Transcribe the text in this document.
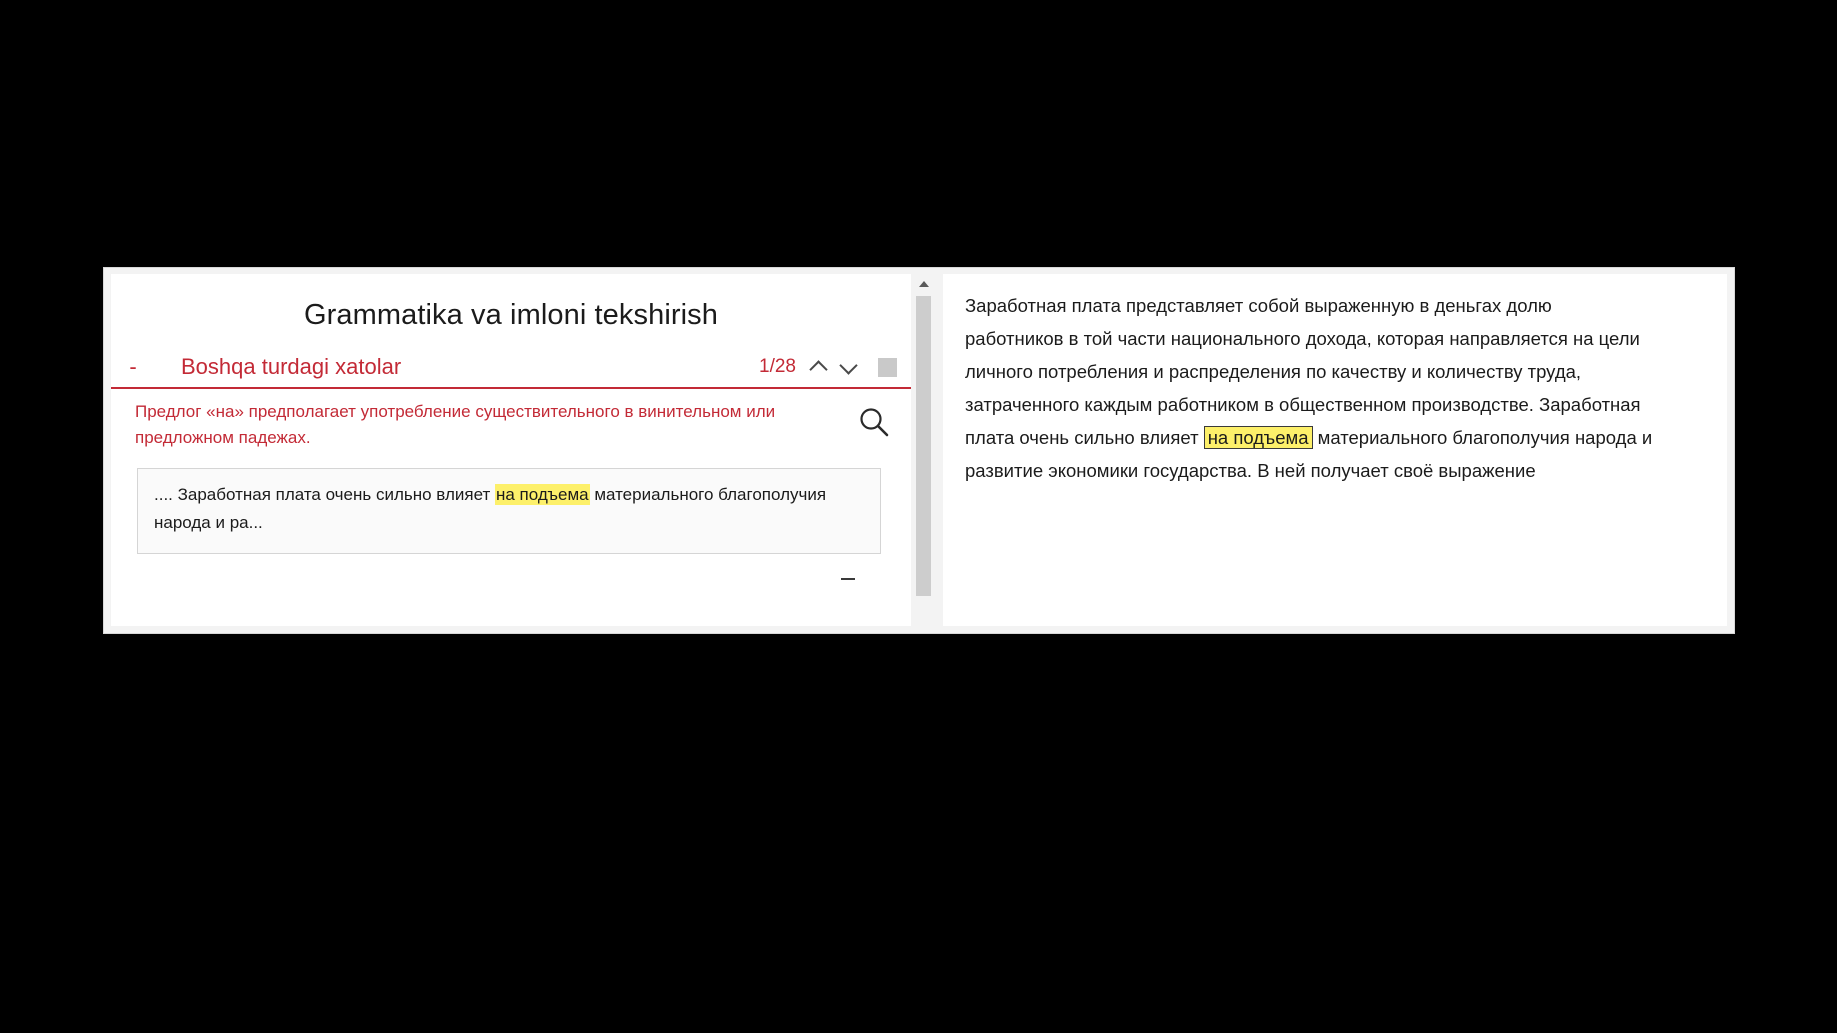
Grammatika va imloni tekshirish
-	Boshqa turdagi xatolar	1/28
Предлог «на» предполагает употребление существительного в винительном или предложном падежах.
.... Заработная плата очень сильно влияет на подъема материального благополучия народа и ра...

Заработная плата представляет собой выраженную в деньгах долю

работников в той части национального дохода, которая направляется на цели

личного потребления и распределения по качеству и количеству труда,

затраченного каждым работником в общественном производстве. Заработная

плата очень сильно влияет на подъема материального благополучия народа и

развитие экономики государства. В ней получает своё выражение
